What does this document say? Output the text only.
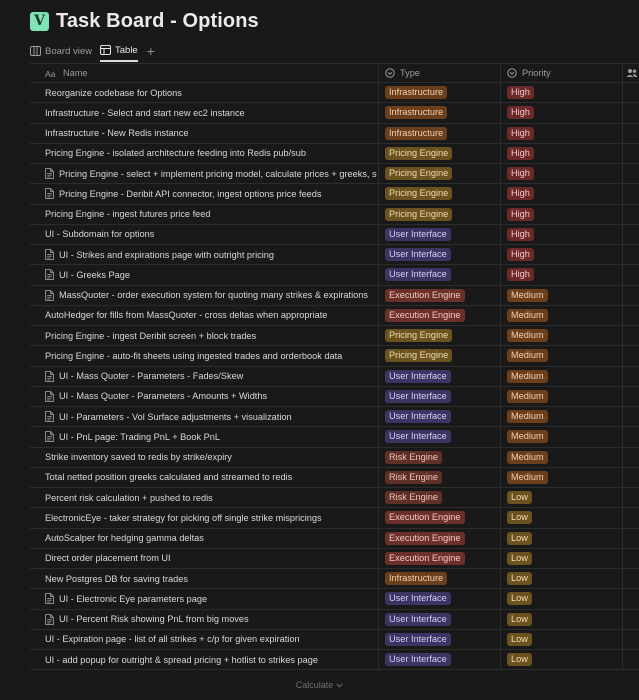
V Task Board - Options
Board view Table +
Aa Name	Type	Priority
Reorganize codebase for Options	Infrastructure	High
Infrastructure - Select and start new ec2 instance	Infrastructure	High
Infrastructure - New Redis instance	Infrastructure	High
Pricing Engine - isolated architecture feeding into Redis pub/sub	Pricing Engine	High
Pricing Engine - select + implement pricing model, calculate prices + greeks, s	Pricing Engine	High
Pricing Engine - Deribit API connector, ingest options price feeds	Pricing Engine	High
Pricing Engine - ingest futures price feed	Pricing Engine	High
UI - Subdomain for options	User Interface	High
UI - Strikes and expirations page with outright pricing	User Interface	High
UI - Greeks Page	User Interface	High
MassQuoter - order execution system for quoting many strikes & expirations	Execution Engine	Medium
AutoHedger for fills from MassQuoter - cross deltas when appropriate	Execution Engine	Medium
Pricing Engine - ingest Deribit screen + block trades	Pricing Engine	Medium
Pricing Engine - auto-fit sheets using ingested trades and orderbook data	Pricing Engine	Medium
UI - Mass Quoter - Parameters - Fades/Skew	User Interface	Medium
UI - Mass Quoter - Parameters - Amounts + Widths	User Interface	Medium
UI - Parameters - Vol Surface adjustments + visualization	User Interface	Medium
UI - PnL page: Trading PnL + Book PnL	User Interface	Medium
Strike inventory saved to redis by strike/expiry	Risk Engine	Medium
Total netted position greeks calculated and streamed to redis	Risk Engine	Medium
Percent risk calculation + pushed to redis	Risk Engine	Low
ElectronicEye - taker strategy for picking off single strike mispricings	Execution Engine	Low
AutoScalper for hedging gamma deltas	Execution Engine	Low
Direct order placement from UI	Execution Engine	Low
New Postgres DB for saving trades	Infrastructure	Low
UI - Electronic Eye parameters page	User Interface	Low
UI - Percent Risk showing PnL from big moves	User Interface	Low
UI - Expiration page - list of all strikes + c/p for given expiration	User Interface	Low
UI - add popup for outright & spread pricing + hotlist to strikes page	User Interface	Low
Calculate
